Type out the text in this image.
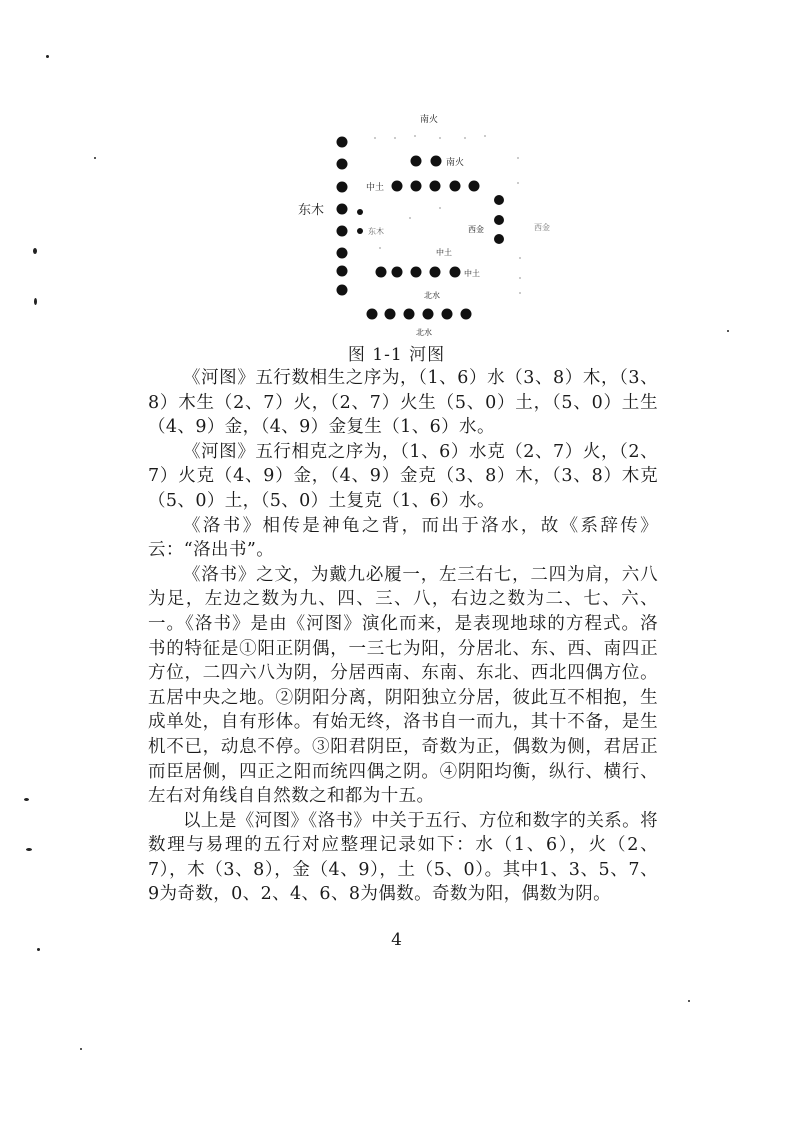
南火
南火
中土
东木
东木	西金	西金
中土
中土
北水
北水
图 1-1 河图

《河图》五行数相生之序为，（1、6）水（3、8）木，（3、8）木生（2、7）火，（2、7）火生（5、0）土，（5、0）土生（4、9）金，（4、9）金复生（1、6）水。

《河图》五行相克之序为，（1、6）水克（2、7）火，（2、7）火克（4、9）金，（4、9）金克（3、8）木，（3、8）木克（5、0）土，（5、0）土复克（1、6）水。

《洛书》相传是神龟之背，而出于洛水，故《系辞传》云：“洛出书”。

《洛书》之文，为戴九必履一，左三右七，二四为肩，六八为足，左边之数为九、四、三、八，右边之数为二、七、六、一。《洛书》是由《河图》演化而来，是表现地球的方程式。洛书的特征是①阳正阴偶，一三七为阳，分居北、东、西、南四正方位，二四六八为阴，分居西南、东南、东北、西北四偶方位。五居中央之地。②阴阳分离，阴阳独立分居，彼此互不相抱，生成单处，自有形体。有始无终，洛书自一而九，其十不备，是生机不已，动息不停。③阳君阴臣，奇数为正，偶数为侧，君居正而臣居侧，四正之阳而统四偶之阴。④阴阳均衡，纵行、横行、左右对角线自自然数之和都为十五。

以上是《河图》《洛书》中关于五行、方位和数字的关系。将数理与易理的五行对应整理记录如下：水（1、6），火（2、7），木（3、8），金（4、9），土（5、0）。其中1、3、5、7、9为奇数，0、2、4、6、8为偶数。奇数为阳，偶数为阴。

4
